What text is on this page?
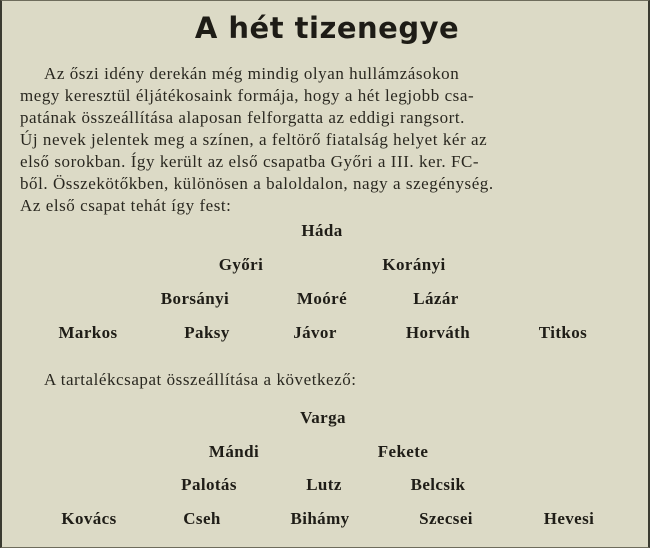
A hét tizenegye
Az őszi idény derekán még mindig olyan hullámzásokon
megy keresztül éljátékosaink formája, hogy a hét legjobb csa-
patának összeállítása alaposan felforgatta az eddigi rangsort.
Új nevek jelentek meg a színen, a feltörő fiatalság helyet kér az
első sorokban. Így került az első csapatba Győri a III. ker. FC-
ből. Összekötőkben, különösen a baloldalon, nagy a szegénység.
Az első csapat tehát így fest:
Háda
Győri	Korányi
Borsányi	Moóré	Lázár
Markos	Paksy	Jávor	Horváth	Titkos
A tartalékcsapat összeállítása a következő:
Varga
Mándi	Fekete
Palotás	Lutz	Belcsik
Kovács	Cseh	Bihámy	Szecsei	Hevesi
